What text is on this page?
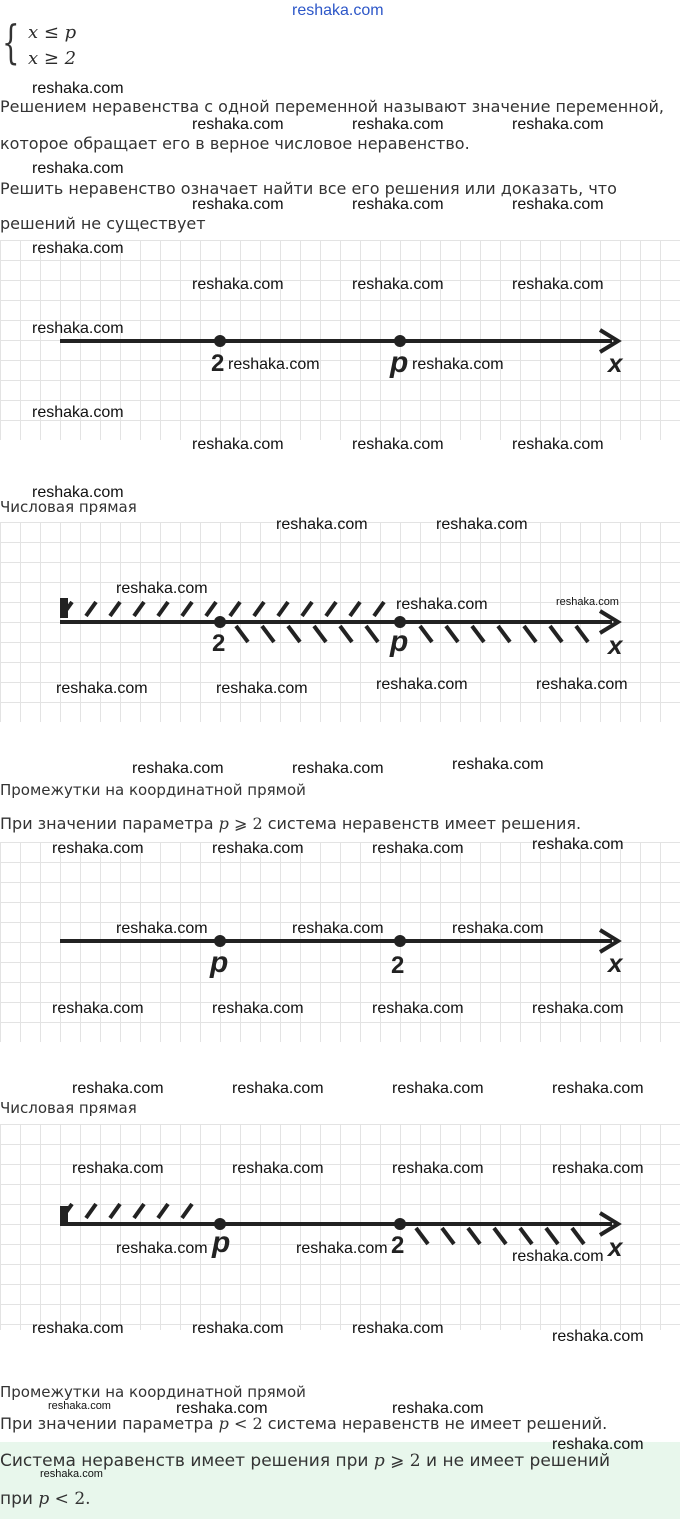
reshaka.com
{ x ≤ p
x ≥ 2
Решением неравенства с одной переменной называют значение переменной,
которое обращает его в верное числовое неравенство.
Решить неравенство означает найти все его решения или доказать, что
решений не существует
2	p	x
Числовая прямая
2	p	x
Промежутки на координатной прямой
При значении параметра p ⩾ 2 система неравенств имеет решения.
p	2	x
Числовая прямая
p	2	x
Промежутки на координатной прямой
При значении параметра p < 2 система неравенств не имеет решений.
Система неравенств имеет решения при p ⩾ 2 и не имеет решений
при p < 2.
reshaka.com
reshaka.com	reshaka.com	reshaka.com
reshaka.com
reshaka.com	reshaka.com	reshaka.com
reshaka.com
reshaka.com	reshaka.com	reshaka.com
reshaka.com
reshaka.com	reshaka.com
reshaka.com
reshaka.com	reshaka.com	reshaka.com
reshaka.com
reshaka.com	reshaka.com
reshaka.com
reshaka.com	reshaka.com
reshaka.com	reshaka.com	reshaka.com	reshaka.com
reshaka.com	reshaka.com	reshaka.com
reshaka.com	reshaka.com	reshaka.com	reshaka.com
reshaka.com	reshaka.com	reshaka.com
reshaka.com	reshaka.com	reshaka.com	reshaka.com
reshaka.com	reshaka.com	reshaka.com	reshaka.com
reshaka.com	reshaka.com	reshaka.com	reshaka.com
reshaka.com	reshaka.com	reshaka.com
reshaka.com	reshaka.com	reshaka.com	reshaka.com
reshaka.com	reshaka.com	reshaka.com
reshaka.com
reshaka.com
